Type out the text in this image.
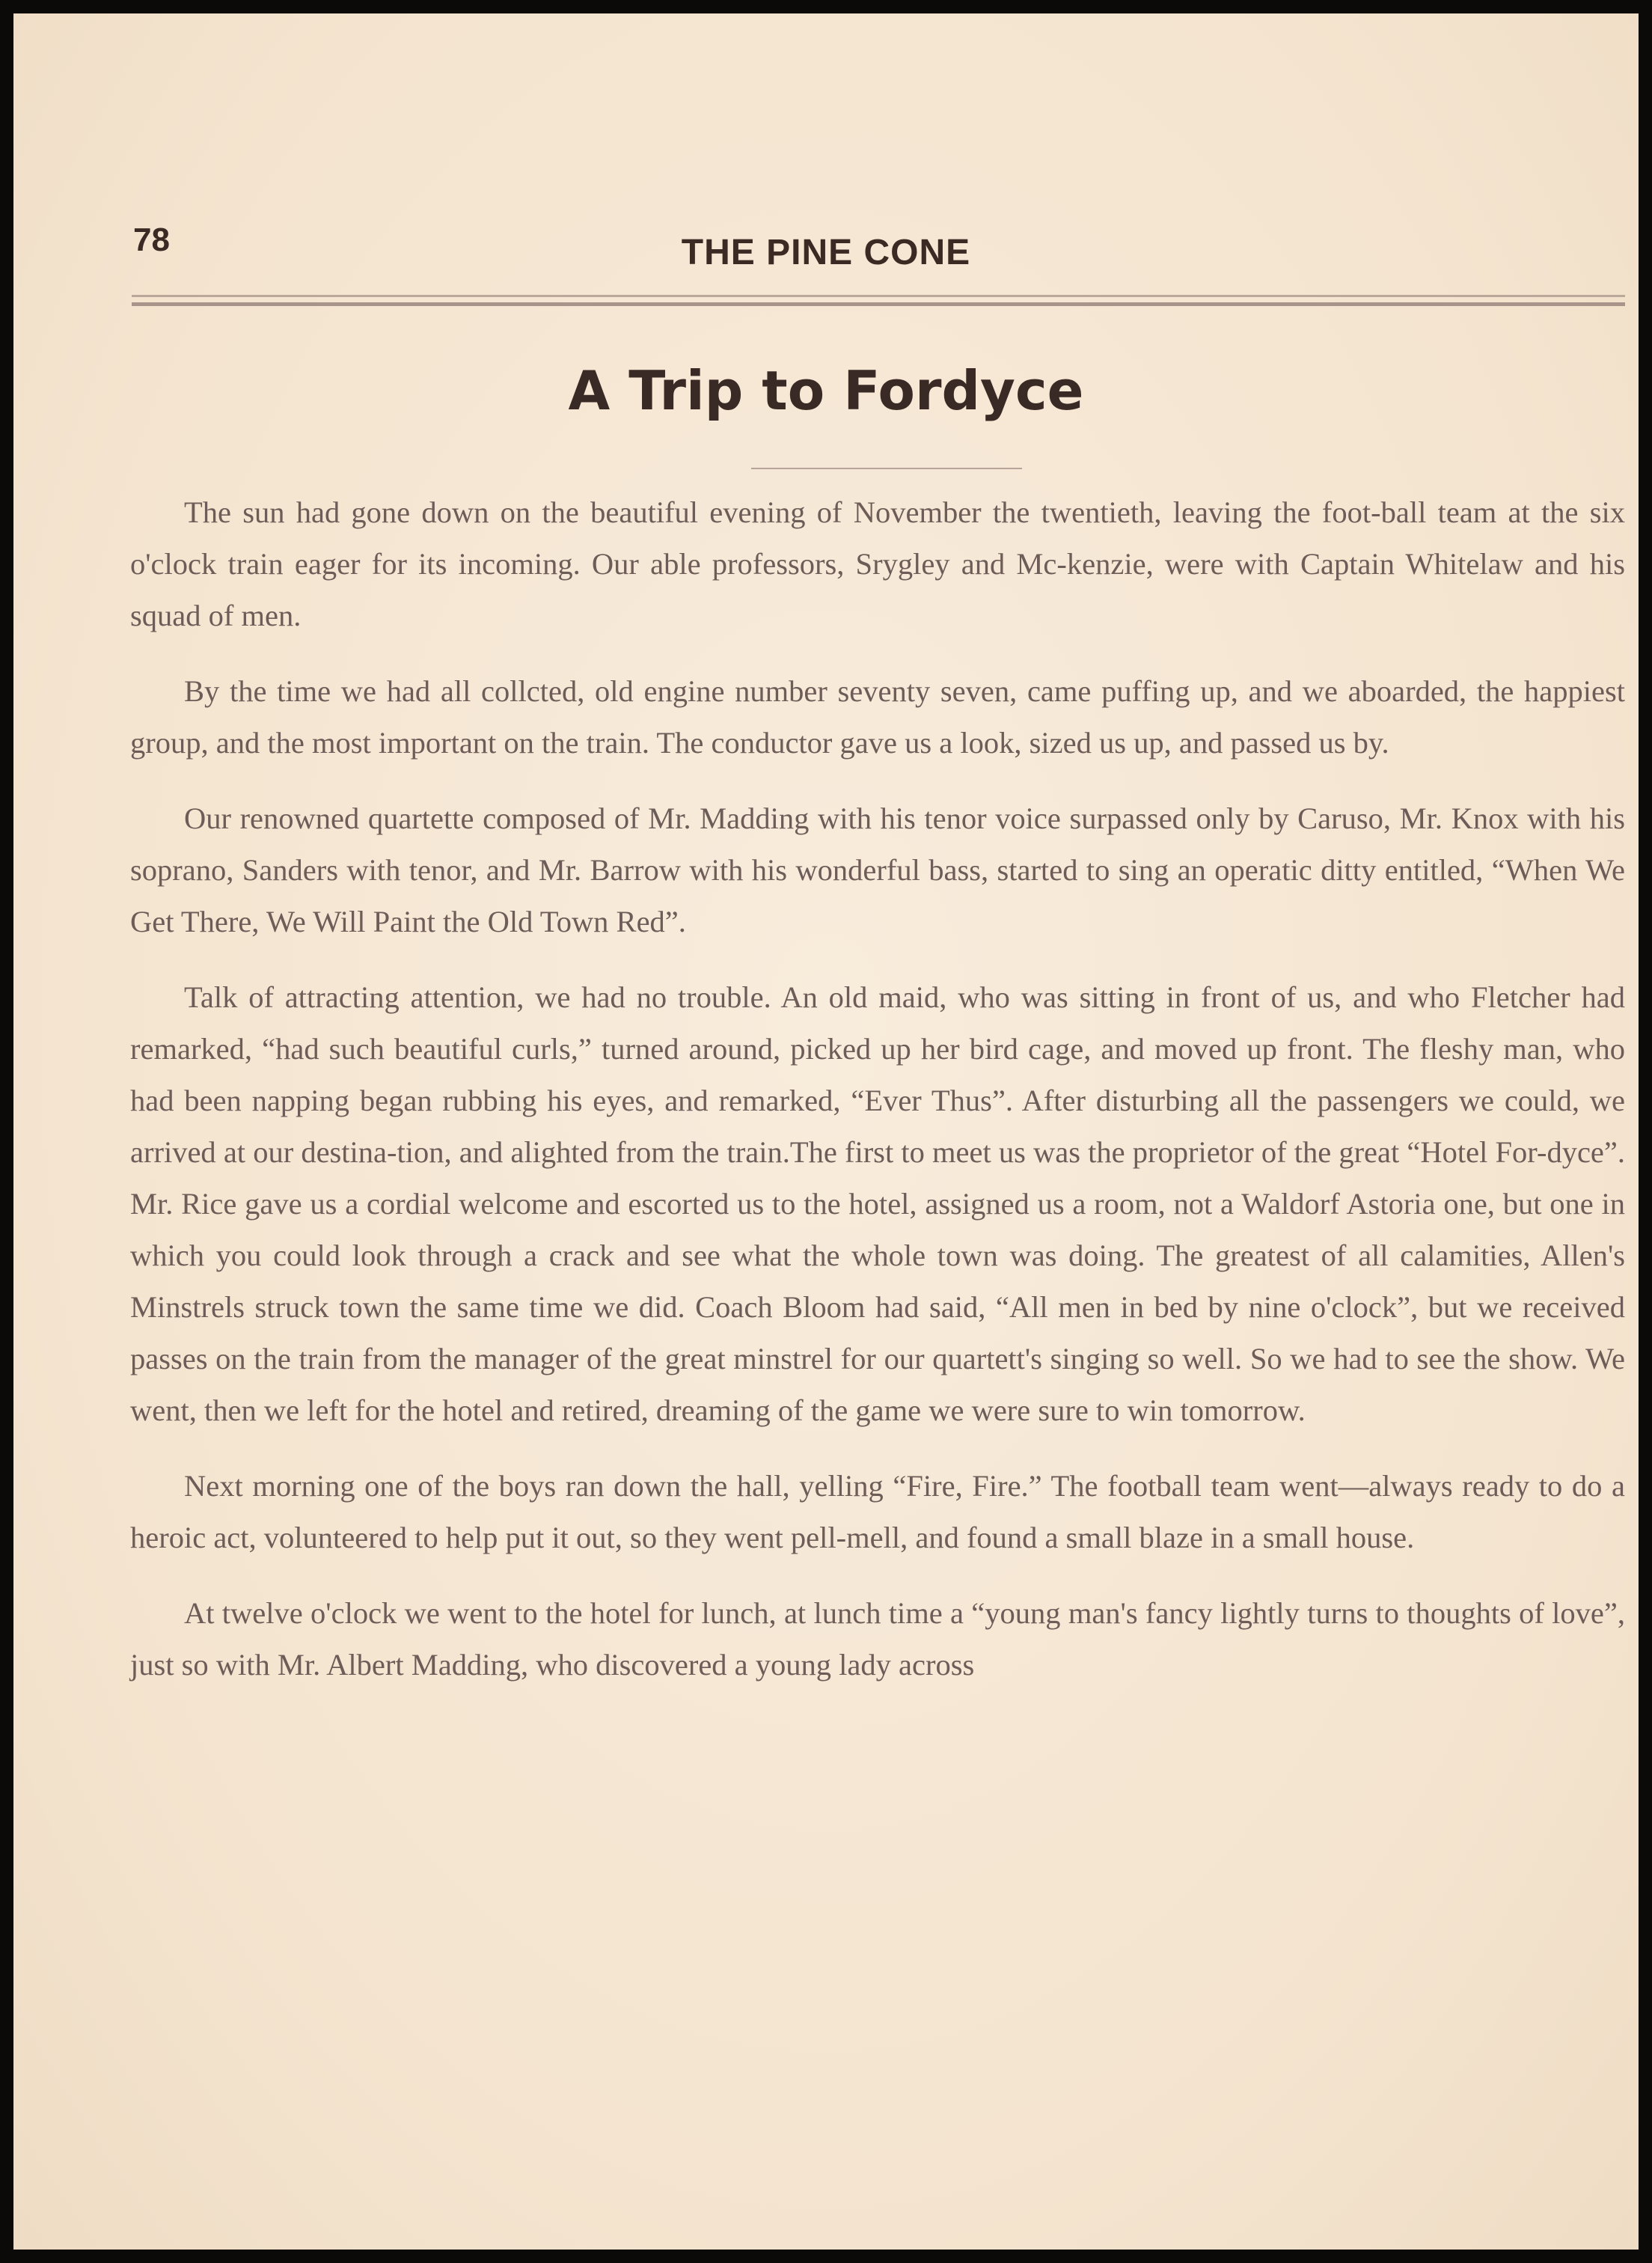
78	THE PINE CONE
A Trip to Fordyce

The sun had gone down on the beautiful evening of November the twentieth, leaving the foot-ball team at the six o'clock train eager for its incoming. Our able professors, Srygley and Mc-kenzie, were with Captain Whitelaw and his squad of men.

By the time we had all collcted, old engine number seventy seven, came puffing up, and we aboarded, the happiest group, and the most important on the train. The conductor gave us a look, sized us up, and passed us by.

Our renowned quartette composed of Mr. Madding with his tenor voice surpassed only by Caruso, Mr. Knox with his soprano, Sanders with tenor, and Mr. Barrow with his wonderful bass, started to sing an operatic ditty entitled, “When We Get There, We Will Paint the Old Town Red”.

Talk of attracting attention, we had no trouble. An old maid, who was sitting in front of us, and who Fletcher had remarked, “had such beautiful curls,” turned around, picked up her bird cage, and moved up front. The fleshy man, who had been napping began rubbing his eyes, and remarked, “Ever Thus”. After disturbing all the passengers we could, we arrived at our destina-tion, and alighted from the train.The first to meet us was the proprietor of the great “Hotel For-dyce”. Mr. Rice gave us a cordial welcome and escorted us to the hotel, assigned us a room, not a Waldorf Astoria one, but one in which you could look through a crack and see what the whole town was doing. The greatest of all calamities, Allen's Minstrels struck town the same time we did. Coach Bloom had said, “All men in bed by nine o'clock”, but we received passes on the train from the manager of the great minstrel for our quartett's singing so well. So we had to see the show. We went, then we left for the hotel and retired, dreaming of the game we were sure to win tomorrow.

Next morning one of the boys ran down the hall, yelling “Fire, Fire.” The football team went—always ready to do a heroic act, volunteered to help put it out, so they went pell-mell, and found a small blaze in a small house.

At twelve o'clock we went to the hotel for lunch, at lunch time a “young man's fancy lightly turns to thoughts of love”, just so with Mr. Albert Madding, who discovered a young lady across
